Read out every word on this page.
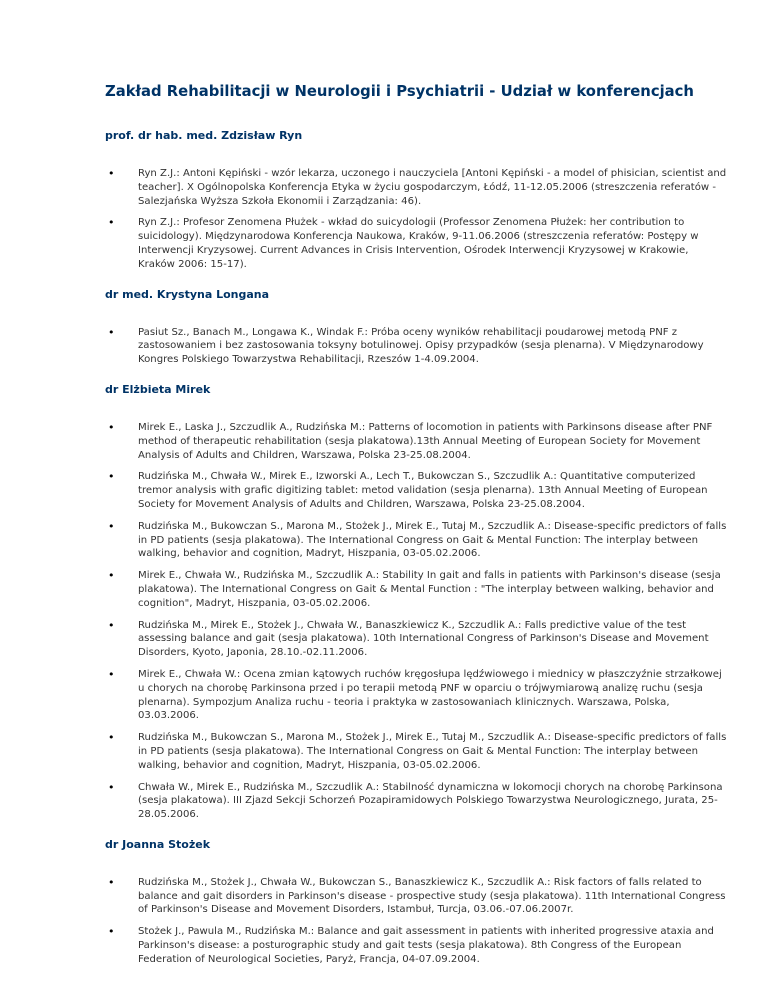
Zakład Rehabilitacji w Neurologii i Psychiatrii - Udział w konferencjach
prof. dr hab. med. Zdzisław Ryn
• Ryn Z.J.: Antoni Kępiński - wzór lekarza, uczonego i nauczyciela [Antoni Kępiński - a model of phisician, scientist and teacher]. X Ogólnopolska Konferencja Etyka w życiu gospodarczym, Łódź, 11-12.05.2006 (streszczenia referatów - Salezjańska Wyższa Szkoła Ekonomii i Zarządzania: 46).
• Ryn Z.J.: Profesor Zenomena Płużek - wkład do suicydologii (Professor Zenomena Płużek: her contribution to suicidology). Międzynarodowa Konferencja Naukowa, Kraków, 9-11.06.2006 (streszczenia referatów: Postępy w Interwencji Kryzysowej. Current Advances in Crisis Intervention, Ośrodek Interwencji Kryzysowej w Krakowie, Kraków 2006: 15-17).
dr med. Krystyna Longana
• Pasiut Sz., Banach M., Longawa K., Windak F.: Próba oceny wyników rehabilitacji poudarowej metodą PNF z zastosowaniem i bez zastosowania toksyny botulinowej. Opisy przypadków (sesja plenarna). V Międzynarodowy Kongres Polskiego Towarzystwa Rehabilitacji, Rzeszów 1-4.09.2004.
dr Elżbieta Mirek
• Mirek E., Laska J., Szczudlik A., Rudzińska M.: Patterns of locomotion in patients with Parkinsons disease after PNF method of therapeutic rehabilitation (sesja plakatowa).13th Annual Meeting of European Society for Movement Analysis of Adults and Children, Warszawa, Polska 23-25.08.2004.
• Rudzińska M., Chwała W., Mirek E., Izworski A., Lech T., Bukowczan S., Szczudlik A.: Quantitative computerized tremor analysis with grafic digitizing tablet: metod validation (sesja plenarna). 13th Annual Meeting of European Society for Movement Analysis of Adults and Children, Warszawa, Polska 23-25.08.2004.
• Rudzińska M., Bukowczan S., Marona M., Stożek J., Mirek E., Tutaj M., Szczudlik A.: Disease-specific predictors of falls in PD patients (sesja plakatowa). The International Congress on Gait & Mental Function: The interplay between walking, behavior and cognition, Madryt, Hiszpania, 03-05.02.2006.
• Mirek E., Chwała W., Rudzińska M., Szczudlik A.: Stability In gait and falls in patients with Parkinson's disease (sesja plakatowa). The International Congress on Gait & Mental Function : "The interplay between walking, behavior and cognition", Madryt, Hiszpania, 03-05.02.2006.
• Rudzińska M., Mirek E., Stożek J., Chwała W., Banaszkiewicz K., Szczudlik A.: Falls predictive value of the test assessing balance and gait (sesja plakatowa). 10th International Congress of Parkinson's Disease and Movement Disorders, Kyoto, Japonia, 28.10.-02.11.2006.
• Mirek E., Chwała W.: Ocena zmian kątowych ruchów kręgosłupa lędźwiowego i miednicy w płaszczyźnie strzałkowej u chorych na chorobę Parkinsona przed i po terapii metodą PNF w oparciu o trójwymiarową analizę ruchu (sesja plenarna). Sympozjum Analiza ruchu - teoria i praktyka w zastosowaniach klinicznych. Warszawa, Polska, 03.03.2006.
• Rudzińska M., Bukowczan S., Marona M., Stożek J., Mirek E., Tutaj M., Szczudlik A.: Disease-specific predictors of falls in PD patients (sesja plakatowa). The International Congress on Gait & Mental Function: The interplay between walking, behavior and cognition, Madryt, Hiszpania, 03-05.02.2006.
• Chwała W., Mirek E., Rudzińska M., Szczudlik A.: Stabilność dynamiczna w lokomocji chorych na chorobę Parkinsona (sesja plakatowa). III Zjazd Sekcji Schorzeń Pozapiramidowych Polskiego Towarzystwa Neurologicznego, Jurata, 25-28.05.2006.
dr Joanna Stożek
• Rudzińska M., Stożek J., Chwała W., Bukowczan S., Banaszkiewicz K., Szczudlik A.: Risk factors of falls related to balance and gait disorders in Parkinson's disease - prospective study (sesja plakatowa). 11th International Congress of Parkinson's Disease and Movement Disorders, Istambuł, Turcja, 03.06.-07.06.2007r.
• Stożek J., Pawula M., Rudzińska M.: Balance and gait assessment in patients with inherited progressive ataxia and Parkinson's disease: a posturographic study and gait tests (sesja plakatowa). 8th Congress of the European Federation of Neurological Societies, Paryż, Francja, 04-07.09.2004.
